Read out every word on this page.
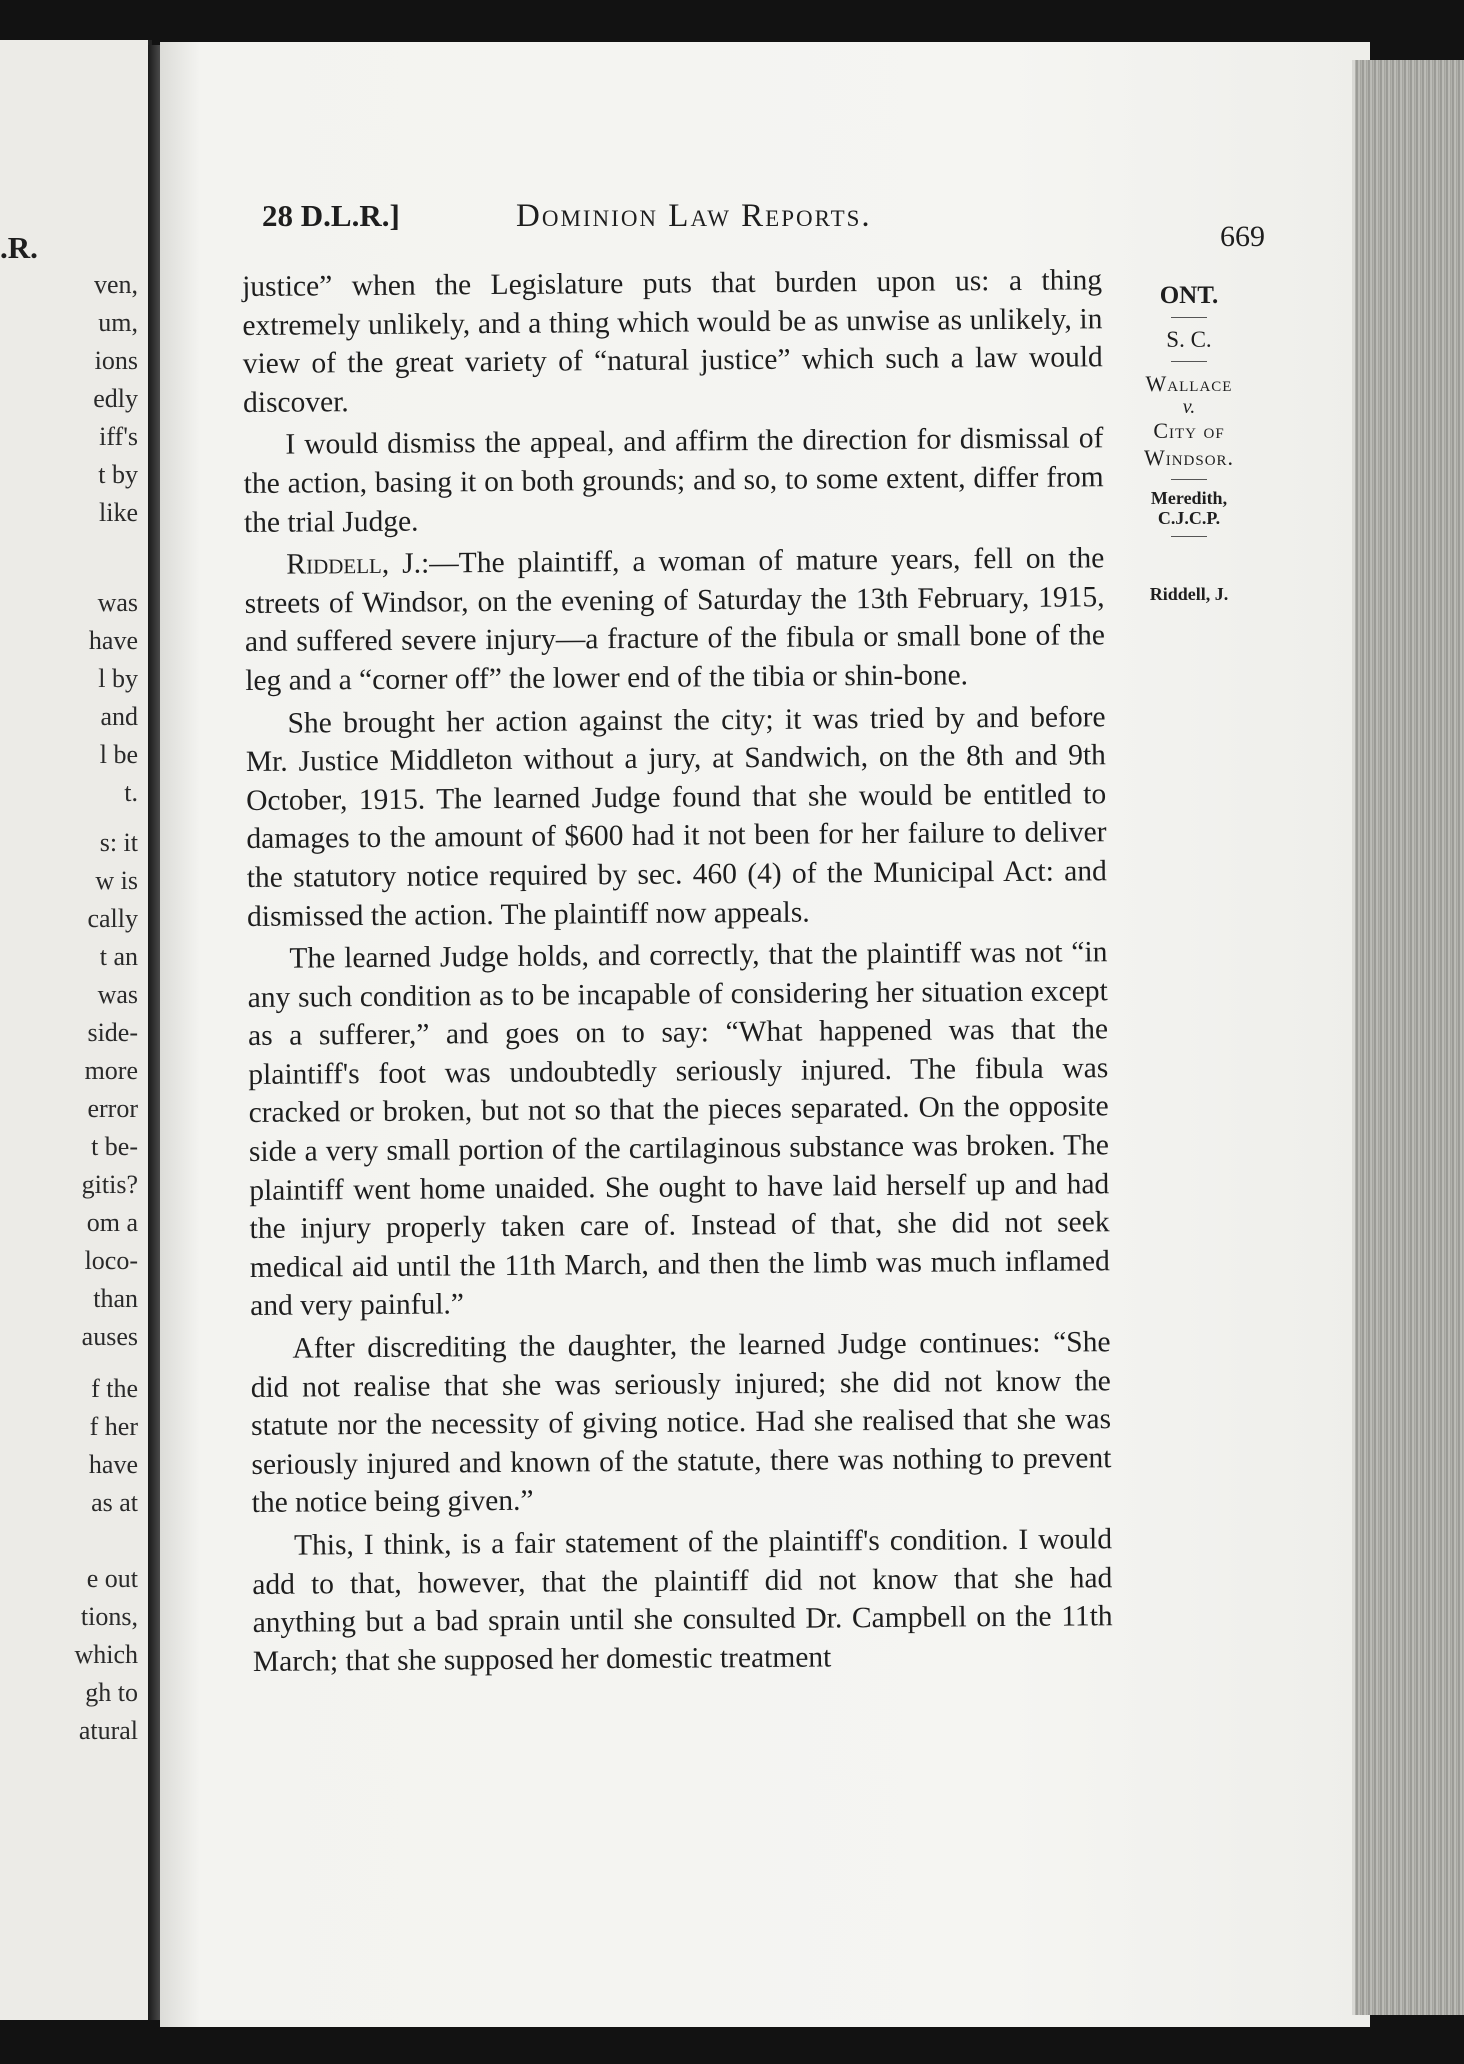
.R.
ven,
um,
ions
edly
iff's
t by
like
was
have
l by
and
l be
t.
s: it
w is
cally
t an
was
side-
more
error
t be-
gitis?
om a
loco-
than
auses
f the
f her
have
as at
e out
tions,
which
gh to
atural
28 D.L.R.]	Dominion Law Reports.
669

justice” when the Legislature puts that burden upon us: a thing extremely unlikely, and a thing which would be as unwise as unlikely, in view of the great variety of “natural justice” which such a law would discover.

I would dismiss the appeal, and affirm the direction for dismissal of the action, basing it on both grounds; and so, to some extent, differ from the trial Judge.

Riddell, J.:—The plaintiff, a woman of mature years, fell on the streets of Windsor, on the evening of Saturday the 13th February, 1915, and suffered severe injury—a fracture of the fibula or small bone of the leg and a “corner off” the lower end of the tibia or shin-bone.

She brought her action against the city; it was tried by and before Mr. Justice Middleton without a jury, at Sandwich, on the 8th and 9th October, 1915. The learned Judge found that she would be entitled to damages to the amount of $600 had it not been for her failure to deliver the statutory notice required by sec. 460 (4) of the Municipal Act: and dismissed the action. The plaintiff now appeals.

The learned Judge holds, and correctly, that the plaintiff was not “in any such condition as to be incapable of considering her situation except as a sufferer,” and goes on to say: “What happened was that the plaintiff's foot was undoubtedly seriously injured. The fibula was cracked or broken, but not so that the pieces separated. On the opposite side a very small portion of the cartilaginous substance was broken. The plaintiff went home unaided. She ought to have laid herself up and had the injury properly taken care of. Instead of that, she did not seek medical aid until the 11th March, and then the limb was much inflamed and very painful.”

After discrediting the daughter, the learned Judge continues: “She did not realise that she was seriously injured; she did not know the statute nor the necessity of giving notice. Had she realised that she was seriously injured and known of the statute, there was nothing to prevent the notice being given.”

This, I think, is a fair statement of the plaintiff's condition. I would add to that, however, that the plaintiff did not know that she had anything but a bad sprain until she consulted Dr. Campbell on the 11th March; that she supposed her domestic treatment

ONT.

S. C.

Wallace

v.

City of Windsor.

Meredith, C.J.C.P.

Riddell, J.
